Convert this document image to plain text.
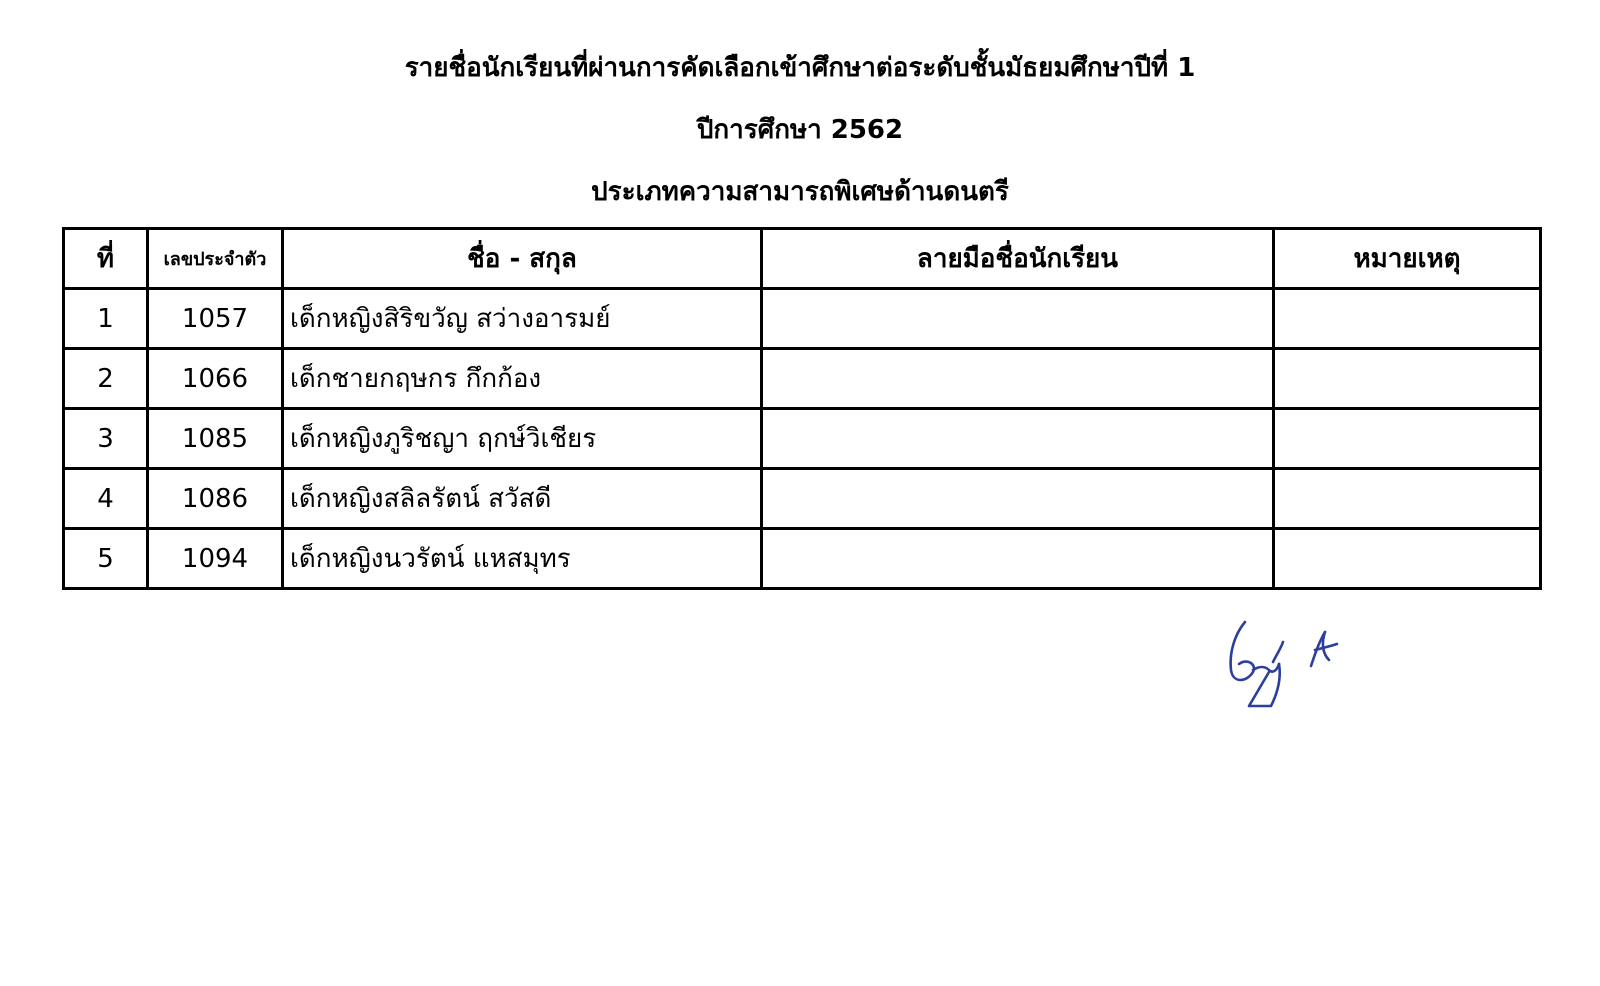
รายชื่อนักเรียนที่ผ่านการคัดเลือกเข้าศึกษาต่อระดับชั้นมัธยมศึกษาปีที่ 1
ปีการศึกษา 2562
ประเภทความสามารถพิเศษด้านดนตรี
ที่	เลขประจำตัว	ชื่อ - สกุล	ลายมือชื่อนักเรียน	หมายเหตุ
1	1057	เด็กหญิงสิริขวัญ สว่างอารมย์		
2	1066	เด็กชายกฤษกร กึกก้อง		
3	1085	เด็กหญิงภูริชญา ฤกษ์วิเชียร		
4	1086	เด็กหญิงสลิลรัตน์ สวัสดี		
5	1094	เด็กหญิงนวรัตน์ แหสมุทร		
